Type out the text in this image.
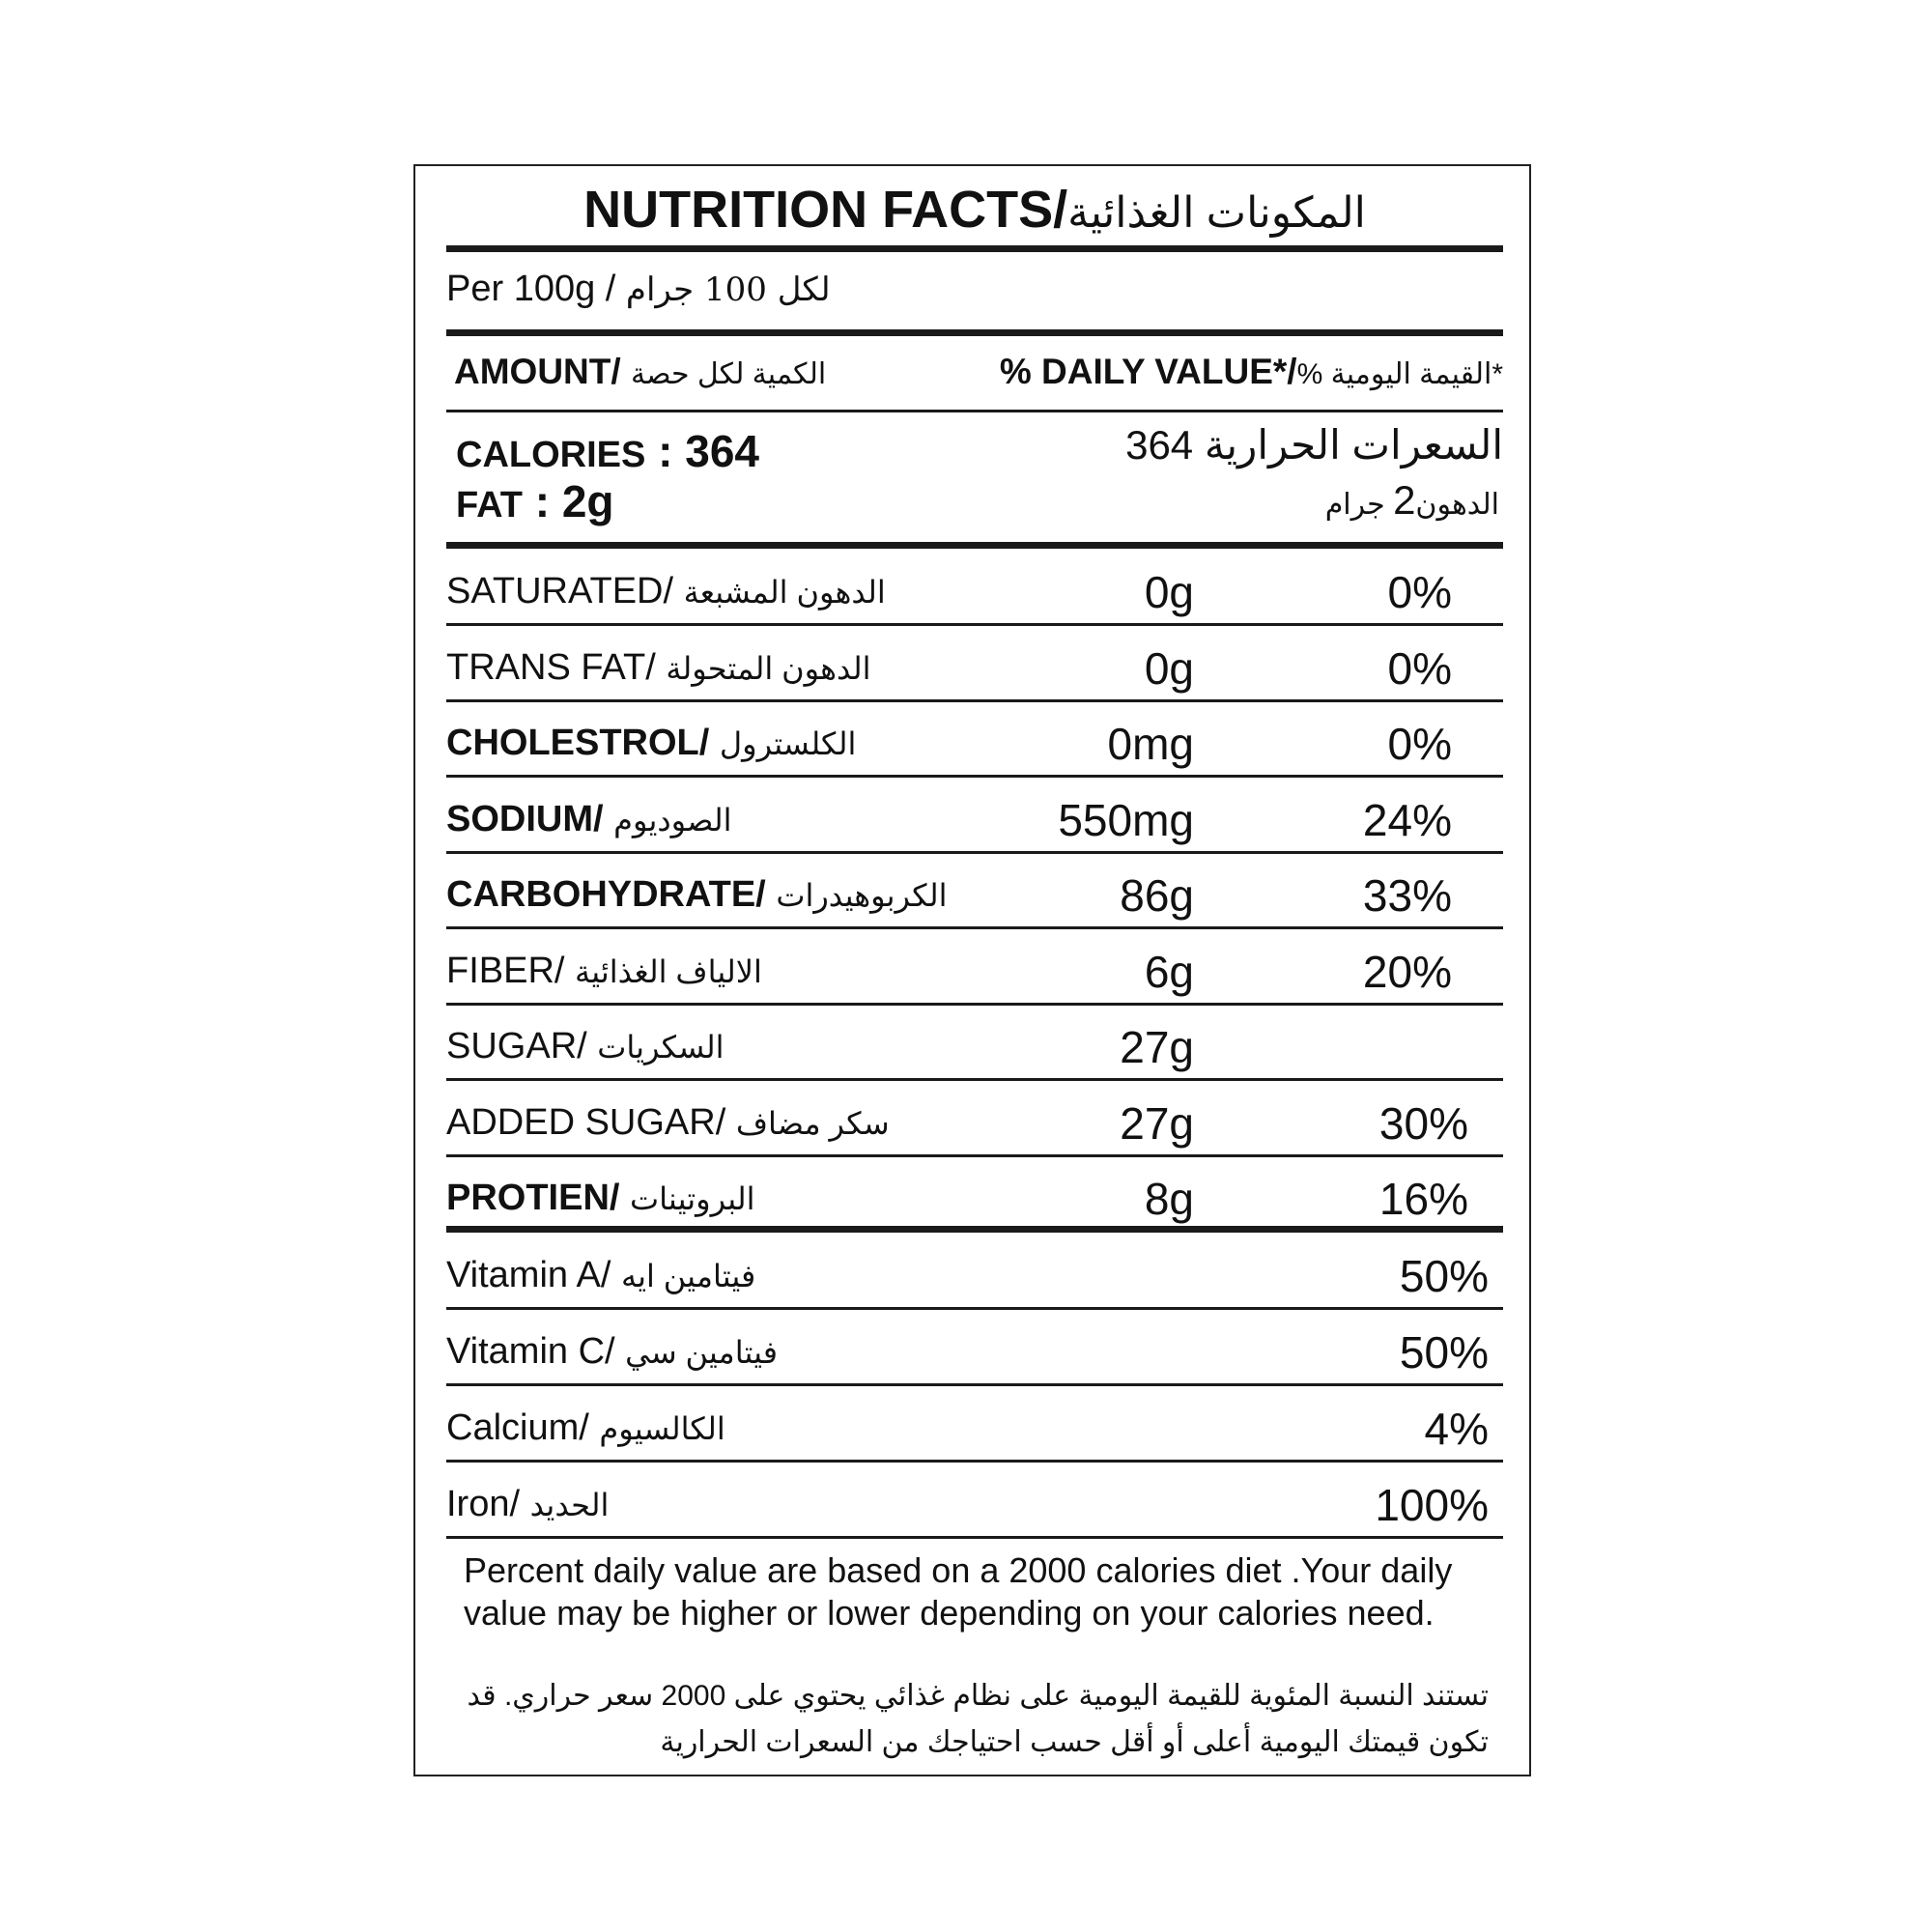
NUTRITION FACTS/المكونات الغذائية
Per 100g / لكل 100 جرام
AMOUNT/ الكمية لكل حصة	% DAILY VALUE*/% القيمة اليومية*
CALORIES : 364	السعرات الحرارية 364
FAT : 2g	الدهون2 جرام
SATURATED/ الدهون المشبعة	0g	0%
TRANS FAT/ الدهون المتحولة	0g	0%
CHOLESTROL/ الكلسترول	0mg	0%
SODIUM/ الصوديوم	550mg	24%
CARBOHYDRATE/ الكربوهيدرات	86g	33%
FIBER/ الالياف الغذائية	6g	20%
SUGAR/ السكريات	27g
ADDED SUGAR/ سكر مضاف	27g	30%
PROTIEN/ البروتينات	8g	16%
Vitamin A/ فيتامين ايه	50%
Vitamin C/ فيتامين سي	50%
Calcium/ الكالسيوم	4%
Iron/ الحديد	100%
Percent daily value are based on a 2000 calories diet .Your daily
value may be higher or lower depending on your calories need.
تستند النسبة المئوية للقيمة اليومية على نظام غذائي يحتوي على 2000 سعر حراري. قد
تكون قيمتك اليومية أعلى أو أقل حسب احتياجك من السعرات الحرارية
